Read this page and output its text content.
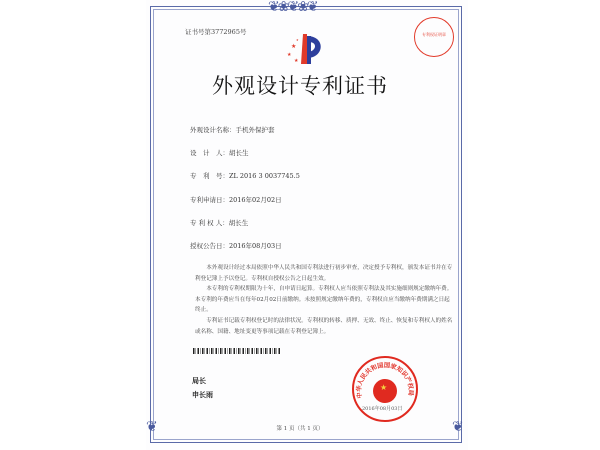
❦❀❦❀❦
❦	❦
证书号第3772965号
★
★
★
★
专利权证明章
外观设计专利证书
外观设计名称：手机外保护套
设　计　人：胡长生
专　利　号：ZL 2016 3 0037745.5
专利申请日：2016年02月02日
专 利 权 人：胡长生
授权公告日：2016年08月03日

本外观设计经过本局依照中华人民共和国专利法进行初步审查，决定授予专利权，颁发本证书并在专利登记簿上予以登记。专利权自授权公告之日起生效。

本专利的专利权期限为十年，自申请日起算。专利权人应当依照专利法及其实施细则规定缴纳年费。本专利的年费应当在每年02月02日前缴纳。未按照规定缴纳年费的，专利权自应当缴纳年费期满之日起终止。

专利证书记载专利权登记时的法律状况。专利权的转移、质押、无效、终止、恢复和专利权人的姓名或名称、国籍、地址变更等事项记载在专利登记簿上。

局长
申长雨	中华人民共和国国家知识产权局
★
2016年08月03日
第 1 页（共 1 页）
